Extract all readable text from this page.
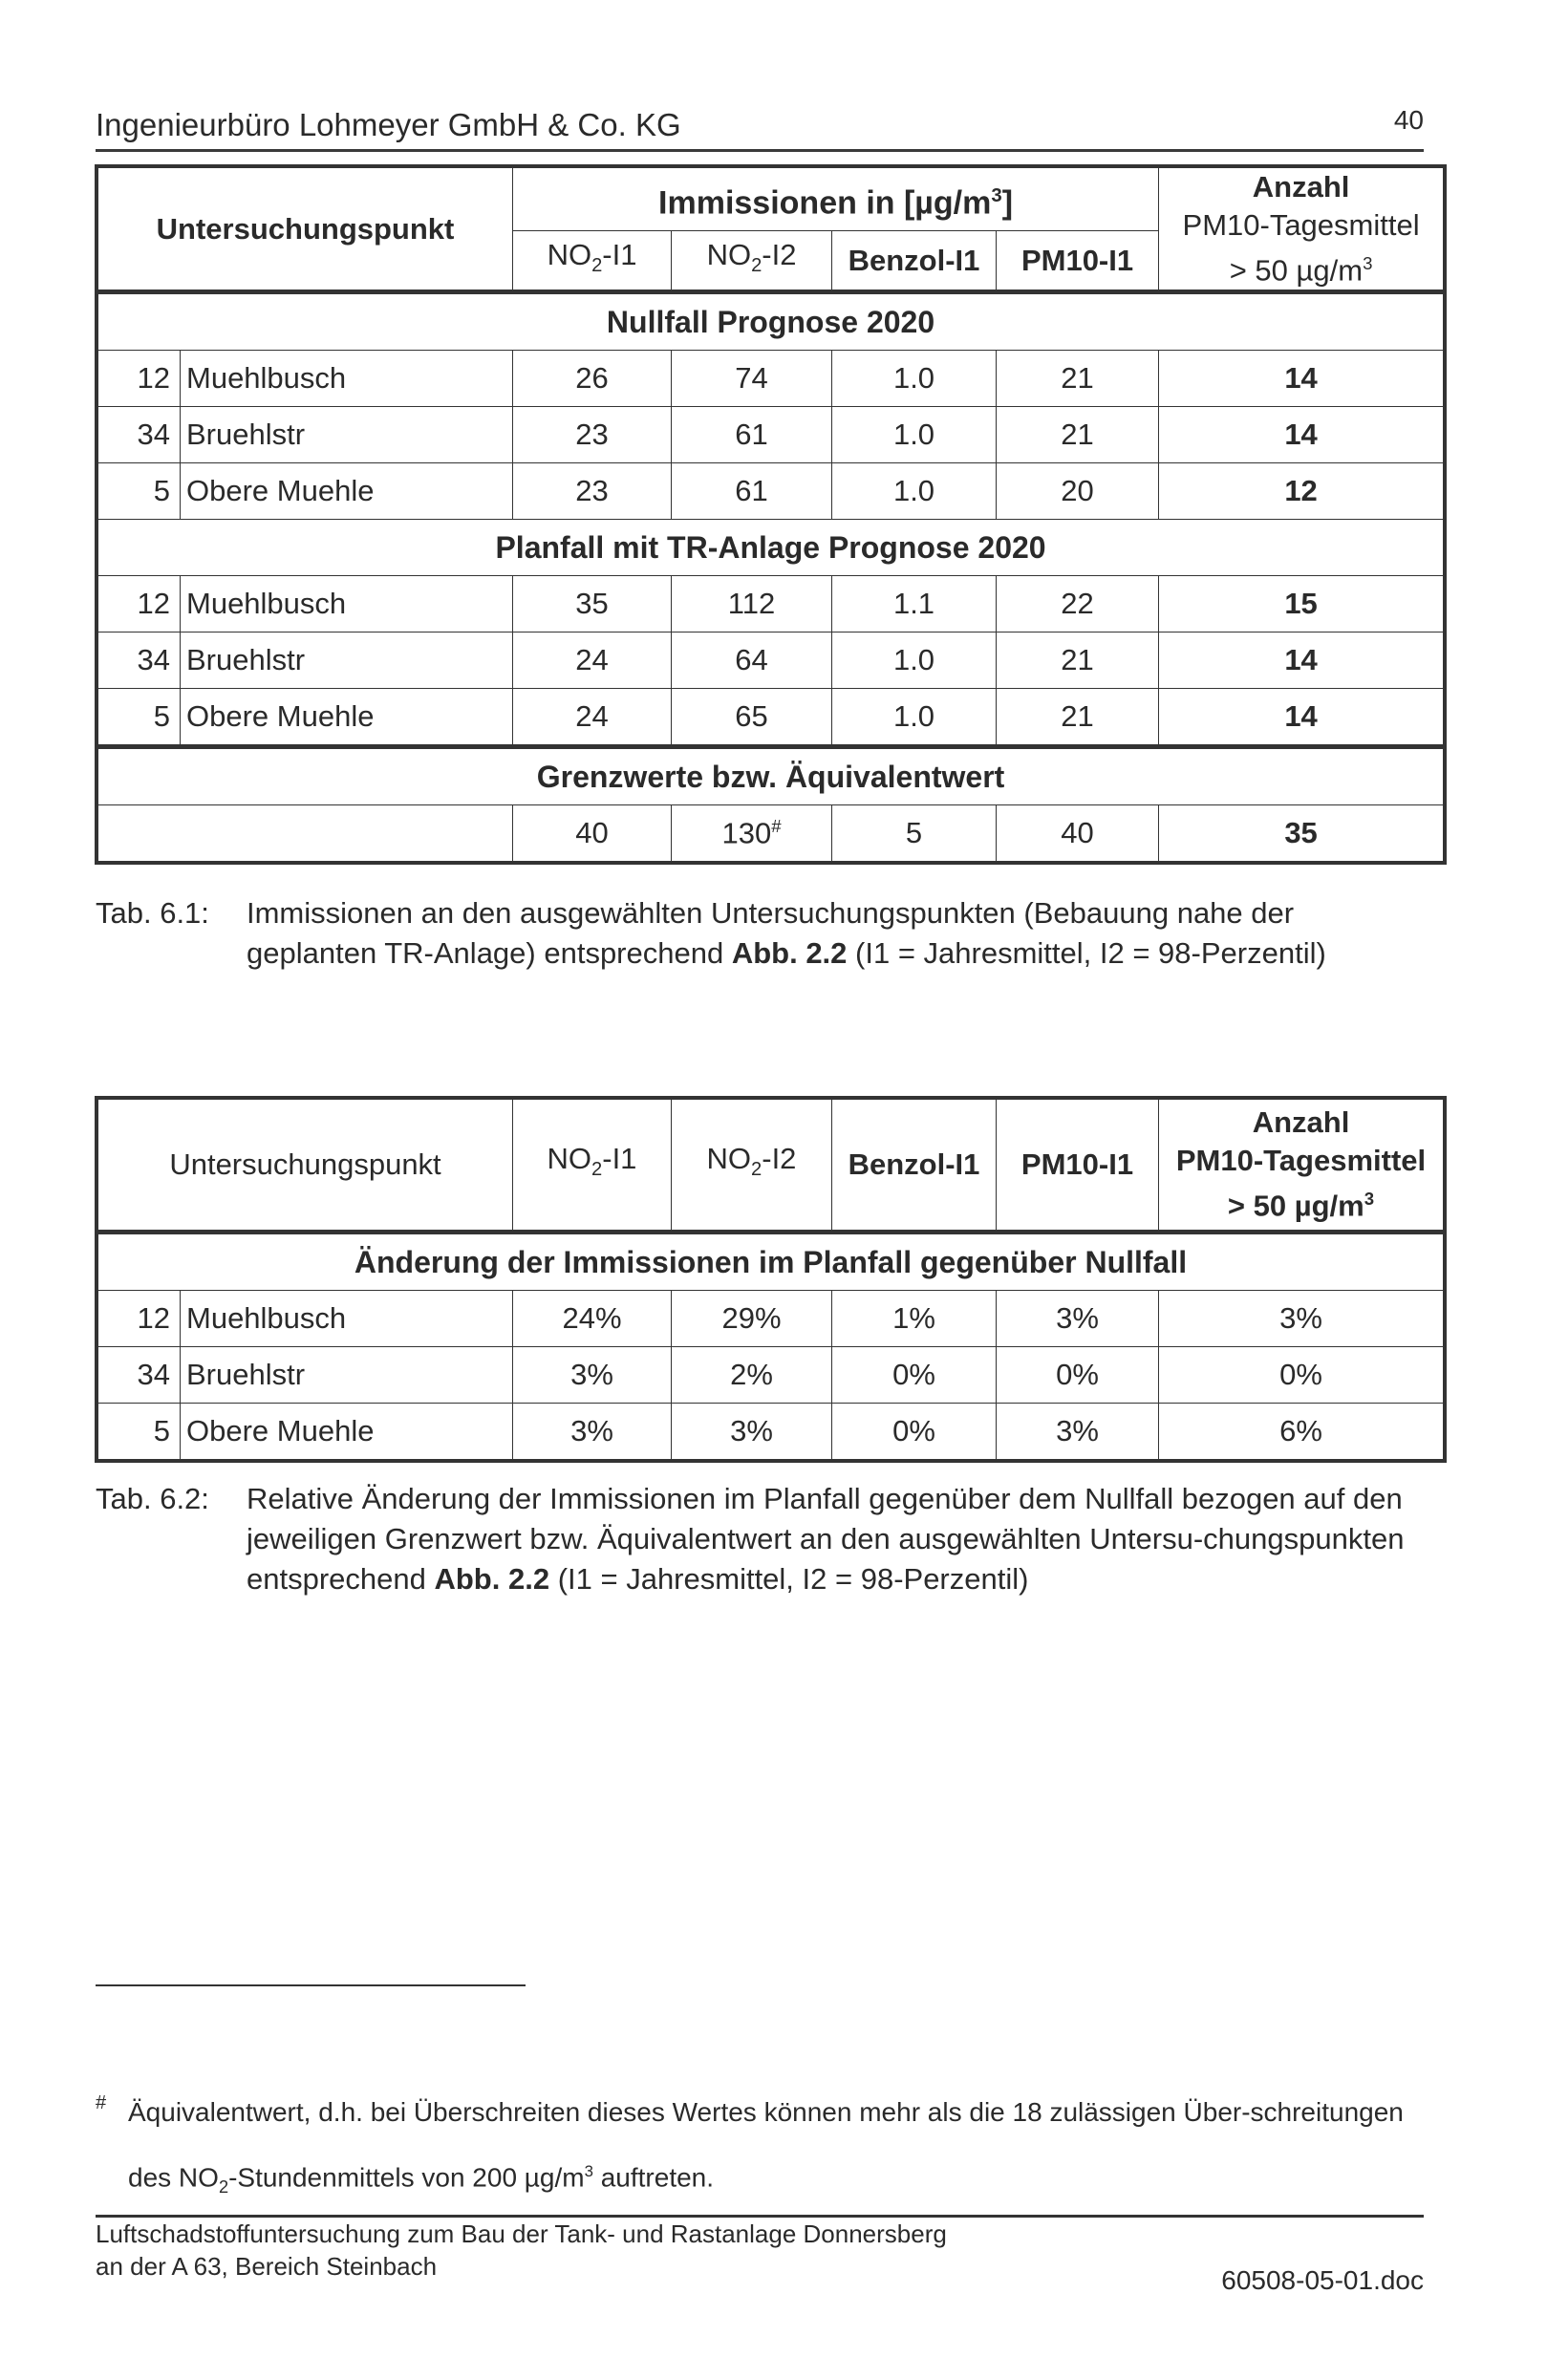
Ingenieurbüro Lohmeyer GmbH & Co. KG	40
Untersuchungspunkt		Immissionen in $[\mu g/m^3]$				Anzahl
PM10-Tagesmittel
> 50 $\mu g/m^3$

		$NO_2-I1$	$NO_2-I2$	Benzol-I1	PM10-I1	
Nullfall Prognose 2020						
12	Muehlbusch	26	74	1.0	21	14
34	Bruehlstr	23	61	1.0	21	14
5	Obere Muehle	23	61	1.0	20	12
Planfall mit TR-Anlage Prognose 2020						
12	Muehlbusch	35	112	1.1	22	15
34	Bruehlstr	24	64	1.0	21	14
5	Obere Muehle	24	65	1.0	21	14
Grenzwerte bzw. Äquivalentwert						
		40	130#	5	40	35
Tab. 6.1: Immissionen an den ausgewählten Untersuchungspunkten (Bebauung nahe der geplanten TR-Anlage) entsprechend Abb. 2.2 (I1 = Jahresmittel, I2 = 98-Perzentil)
Untersuchungspunkt		$NO_2-I1$	$NO_2-I2$	Benzol-I1	PM10-I1	Anzahl
PM10-Tagesmittel
> 50 $\mu g/m^3$

Änderung der Immissionen im Planfall gegenüber Nullfall						
12	Muehlbusch	24%	29%	1%	3%	3%
34	Bruehlstr	3%	2%	0%	0%	0%
5	Obere Muehle	3%	3%	0%	3%	6%
Tab. 6.2: Relative Änderung der Immissionen im Planfall gegenüber dem Nullfall bezogen auf den jeweiligen Grenzwert bzw. Äquivalentwert an den ausgewählten Untersu-chungspunkten entsprechend Abb. 2.2 (I1 = Jahresmittel, I2 = 98-Perzentil)
# Äquivalentwert, d.h. bei Überschreiten dieses Wertes können mehr als die 18 zulässigen Über-schreitungen des $NO_2$-Stundenmittels von 200 $\mu g/m^3$ auftreten.
Luftschadstoffuntersuchung zum Bau der Tank- und Rastanlage Donnersberg
an der A 63, Bereich Steinbach	60508-05-01.doc
